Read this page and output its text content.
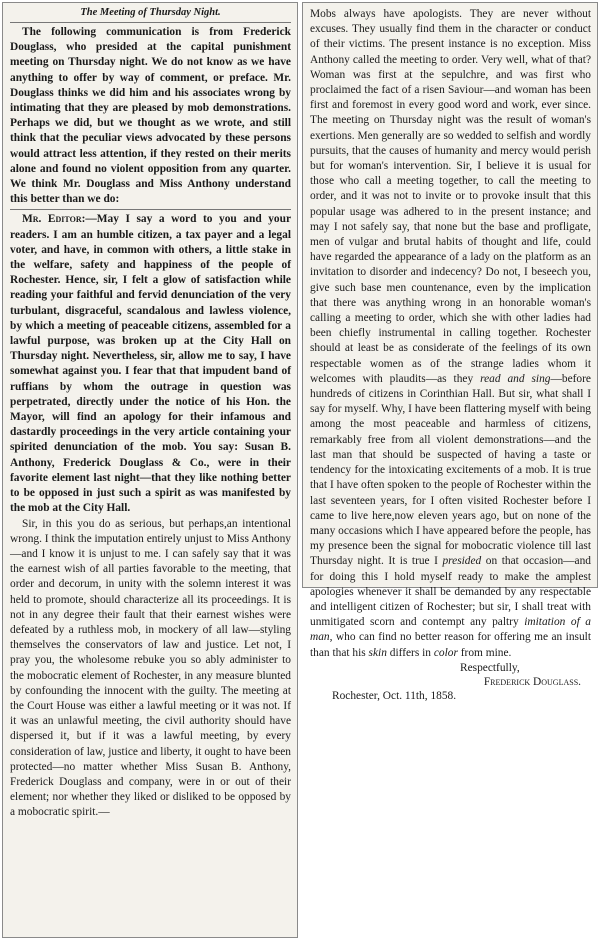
The Meeting of Thursday Night.

The following communication is from Frederick Douglass, who presided at the capital punishment meeting on Thursday night. We do not know as we have anything to offer by way of comment, or preface. Mr. Douglass thinks we did him and his associates wrong by intimating that they are pleased by mob demonstrations. Perhaps we did, but we thought as we wrote, and still think that the peculiar views advocated by these persons would attract less attention, if they rested on their merits alone and found no violent opposition from any quarter. We think Mr. Douglass and Miss Anthony understand this better than we do:

Mr. Editor:—May I say a word to you and your readers. I am an humble citizen, a tax payer and a legal voter, and have, in common with others, a little stake in the welfare, safety and happiness of the people of Rochester. Hence, sir, I felt a glow of satisfaction while reading your faithful and fervid denunciation of the very turbulant, disgraceful, scandalous and lawless violence, by which a meeting of peaceable citizens, assembled for a lawful purpose, was broken up at the City Hall on Thursday night. Nevertheless, sir, allow me to say, I have somewhat against you. I fear that that impudent band of ruffians by whom the outrage in question was perpetrated, directly under the notice of his Hon. the Mayor, will find an apology for their infamous and dastardly proceedings in the very article containing your spirited denunciation of the mob. You say: Susan B. Anthony, Frederick Douglass & Co., were in their favorite element last night—that they like nothing better to be opposed in just such a spirit as was manifested by the mob at the City Hall.

Sir, in this you do as serious, but perhaps,an intentional wrong. I think the imputation entirely unjust to Miss Anthony—and I know it is unjust to me. I can safely say that it was the earnest wish of all parties favorable to the meeting, that order and decorum, in unity with the solemn interest it was held to promote, should characterize all its proceedings. It is not in any degree their fault that their earnest wishes were defeated by a ruthless mob, in mockery of all law—styling themselves the conservators of law and justice. Let not, I pray you, the wholesome rebuke you so ably administer to the mobocratic element of Rochester, in any measure blunted by confounding the innocent with the guilty. The meeting at the Court House was either a lawful meeting or it was not. If it was an unlawful meeting, the civil authority should have dispersed it, but if it was a lawful meeting, by every consideration of law, justice and liberty, it ought to have been protected—no matter whether Miss Susan B. Anthony, Frederick Douglass and company, were in or out of their element; nor whether they liked or disliked to be opposed by a mobocratic spirit.—

Mobs always have apologists. They are never without excuses. They usually find them in the character or conduct of their victims. The present instance is no exception. Miss Anthony called the meeting to order. Very well, what of that? Woman was first at the sepulchre, and was first who proclaimed the fact of a risen Saviour—and woman has been first and foremost in every good word and work, ever since. The meeting on Thursday night was the result of woman's exertions. Men generally are so wedded to selfish and wordly pursuits, that the causes of humanity and mercy would perish but for woman's intervention. Sir, I believe it is usual for those who call a meeting together, to call the meeting to order, and it was not to invite or to provoke insult that this popular usage was adhered to in the present instance; and may I not safely say, that none but the base and profligate, men of vulgar and brutal habits of thought and life, could have regarded the appearance of a lady on the platform as an invitation to disorder and indecency? Do not, I beseech you, give such base men countenance, even by the implication that there was anything wrong in an honorable woman's calling a meeting to order, which she with other ladies had been chiefly instrumental in calling together. Rochester should at least be as considerate of the feelings of its own respectable women as of the strange ladies whom it welcomes with plaudits—as they read and sing—before hundreds of citizens in Corinthian Hall. But sir, what shall I say for myself. Why, I have been flattering myself with being among the most peaceable and harmless of citizens, remarkably free from all violent demonstrations—and the last man that should be suspected of having a taste or tendency for the intoxicating excitements of a mob. It is true that I have often spoken to the people of Rochester within the last seventeen years, for I often visited Rochester before I came to live here,now eleven years ago, but on none of the many occasions which I have appeared before the people, has my presence been the signal for mobocratic violence till last Thursday night. It is true I presided on that occasion—and for doing this I hold myself ready to make the amplest apologies whenever it shall be demanded by any respectable and intelligent citizen of Rochester; but sir, I shall treat with unmitigated scorn and contempt any paltry imitation of a man, who can find no better reason for offering me an insult than that his skin differs in color from mine.

Respectfully,
Frederick Douglass.
Rochester, Oct. 11th, 1858.
